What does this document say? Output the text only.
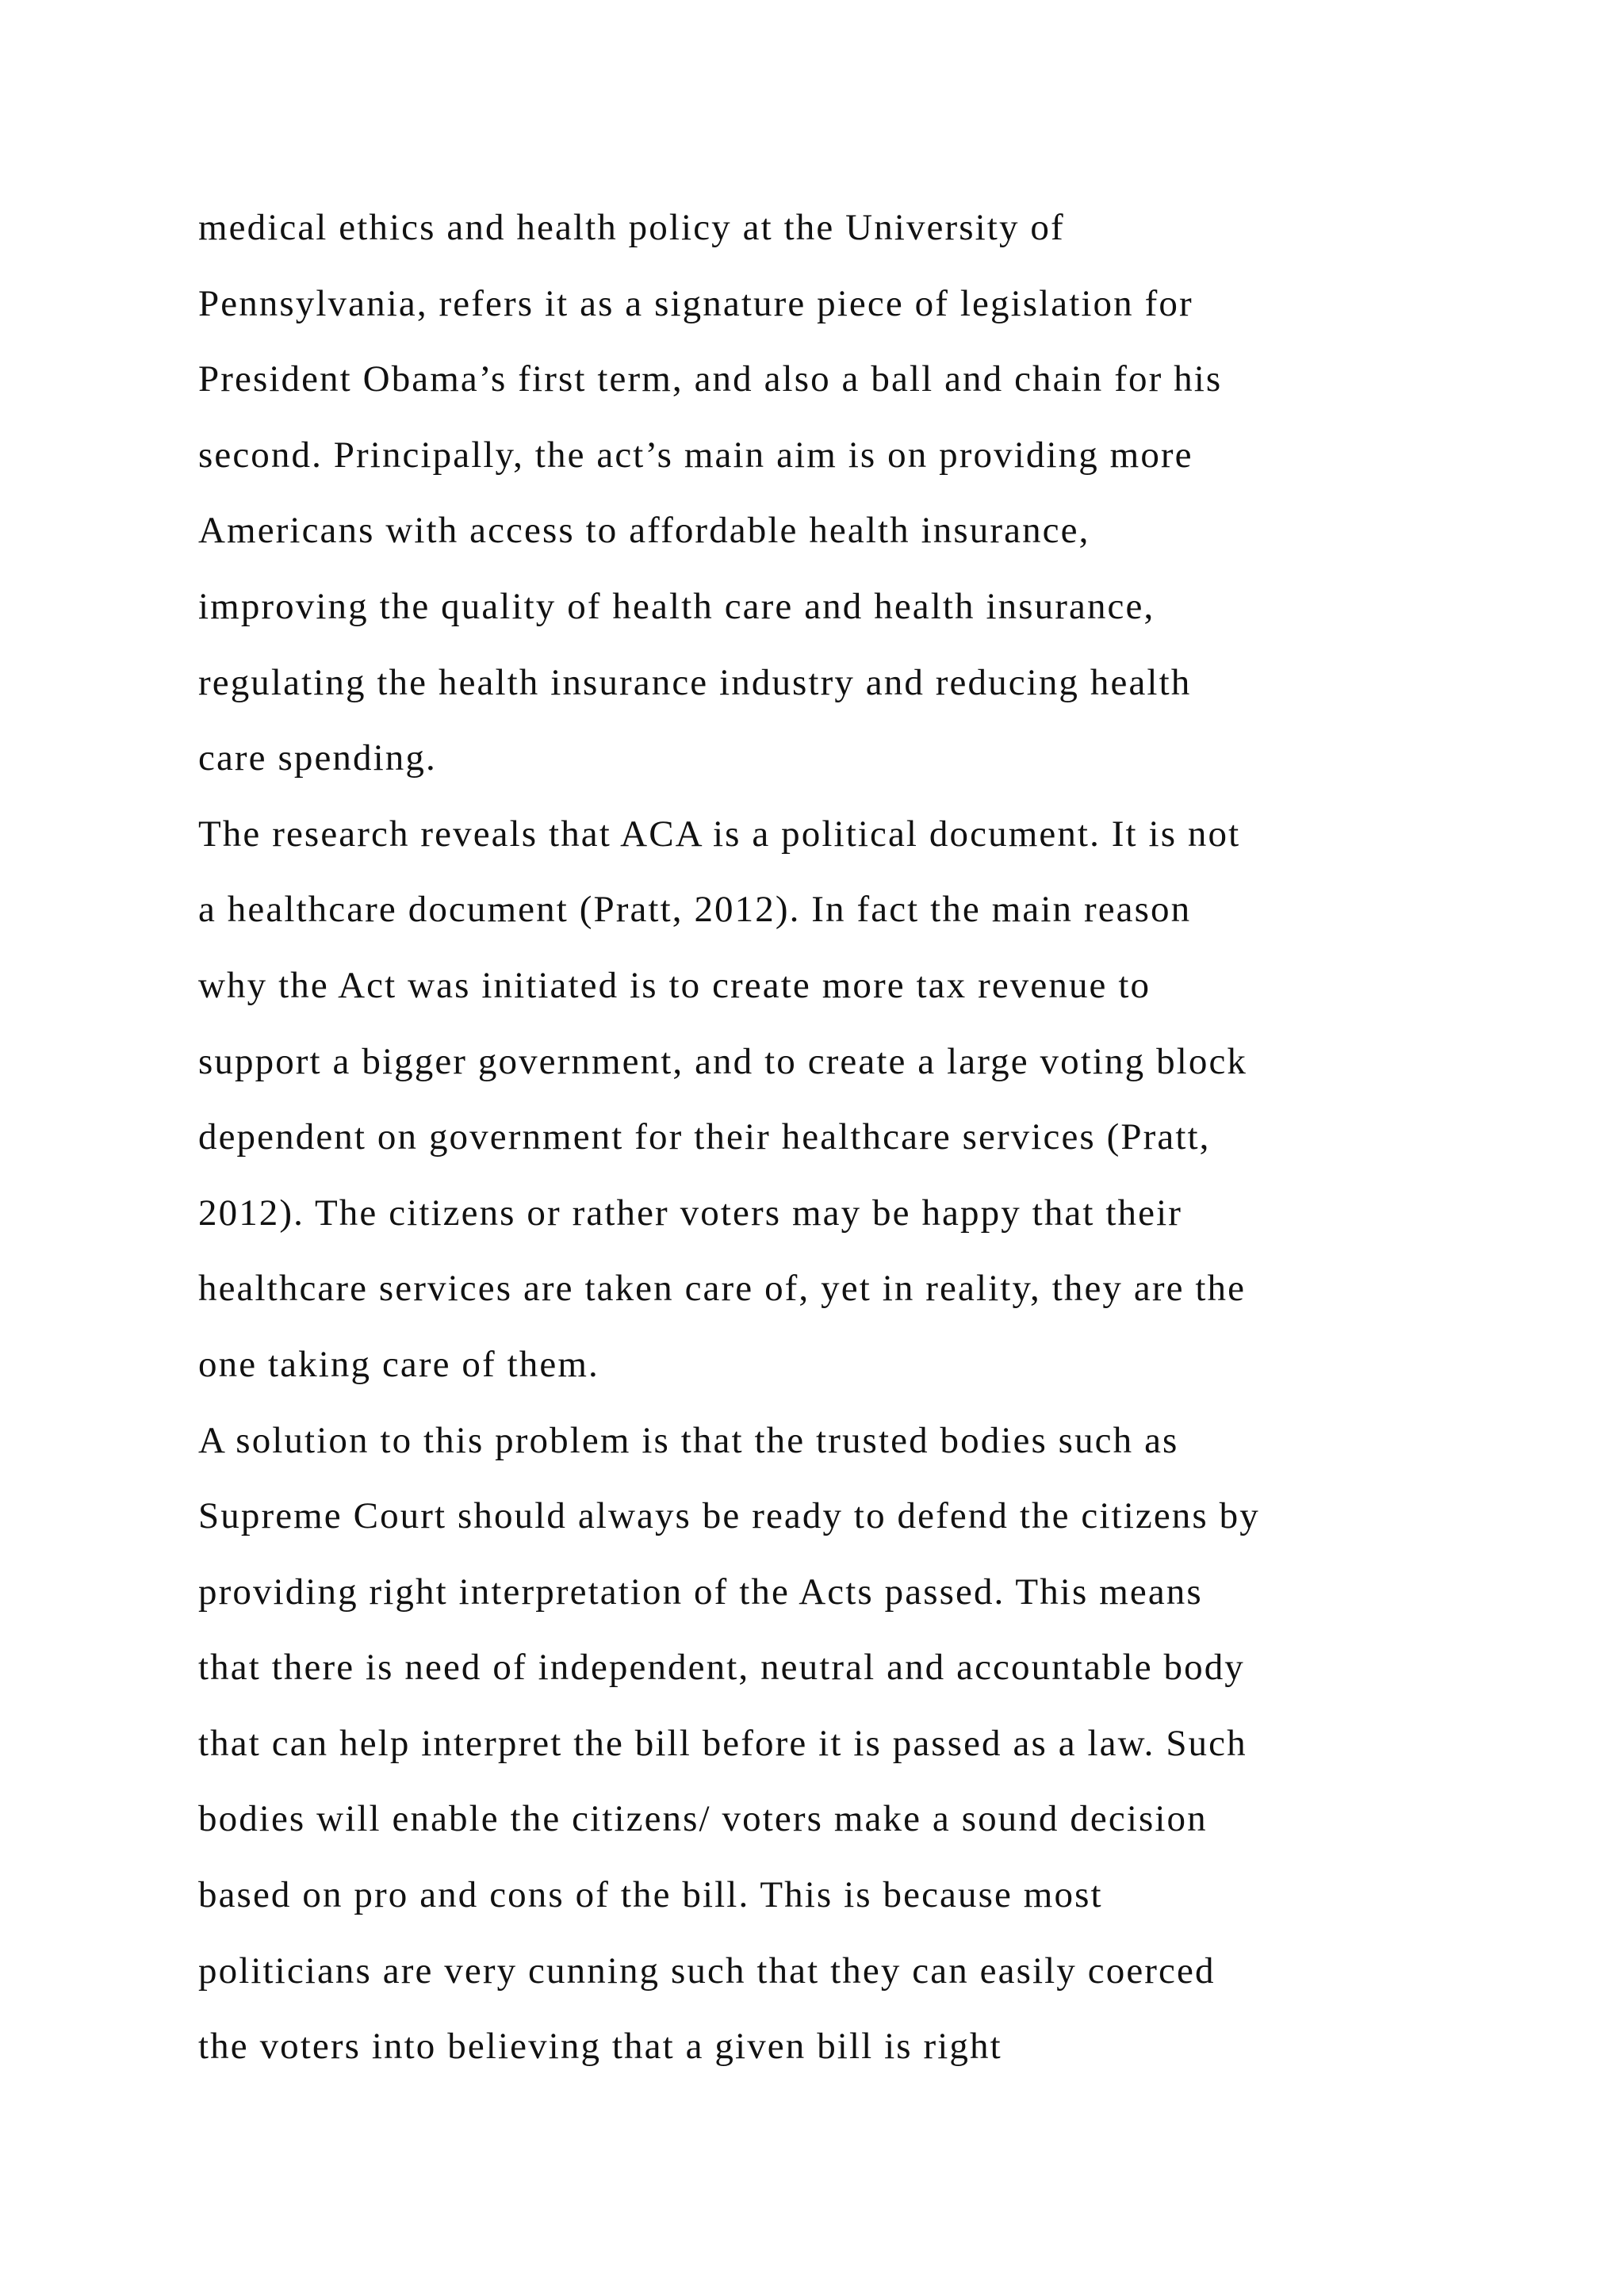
medical ethics and health policy at the University of
Pennsylvania, refers it as a signature piece of legislation for
President Obama’s first term, and also a ball and chain for his
second. Principally, the act’s main aim is on providing more
Americans with access to affordable health insurance,
improving the quality of health care and health insurance,
regulating the health insurance industry and reducing health
care spending.
The research reveals that ACA is a political document. It is not
a healthcare document (Pratt, 2012). In fact the main reason
why the Act was initiated is to create more tax revenue to
support a bigger government, and to create a large voting block
dependent on government for their healthcare services (Pratt,
2012). The citizens or rather voters may be happy that their
healthcare services are taken care of, yet in reality, they are the
one taking care of them.
A solution to this problem is that the trusted bodies such as
Supreme Court should always be ready to defend the citizens by
providing right interpretation of the Acts passed. This means
that there is need of independent, neutral and accountable body
that can help interpret the bill before it is passed as a law. Such
bodies will enable the citizens/ voters make a sound decision
based on pro and cons of the bill. This is because most
politicians are very cunning such that they can easily coerced
the voters into believing that a given bill is right
